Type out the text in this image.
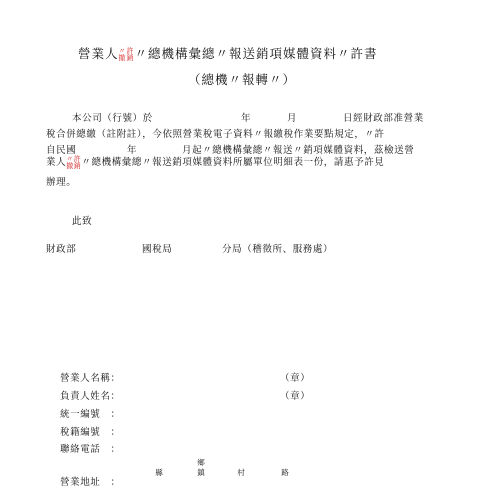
營業人 〃許
撤銷 〃總機構彙總〃報送銷項媒體資料〃許書
（總機〃報轉〃）
本公司（行號）於	年	月	日經財政部准營業
稅合併總繳（註附註），今依照營業稅電子資料〃報繳稅作業要點規定，〃許
自民國	年	月起〃總機構彙總〃報送〃銷項媒體資料，茲檢送營
業人 〃許
撤銷 〃總機構彙總〃報送銷項媒體資料所屬單位明細表一份，請惠予許見
辦理。
此致
財政部	國稅局	分局（稽徵所、服務處）
營業人名稱：	（章）
負責人姓名：	（章）
統一編號　：
稅籍編號　：
聯絡電話　：
營業地址　：
縣
鄉
鎮	村	路
